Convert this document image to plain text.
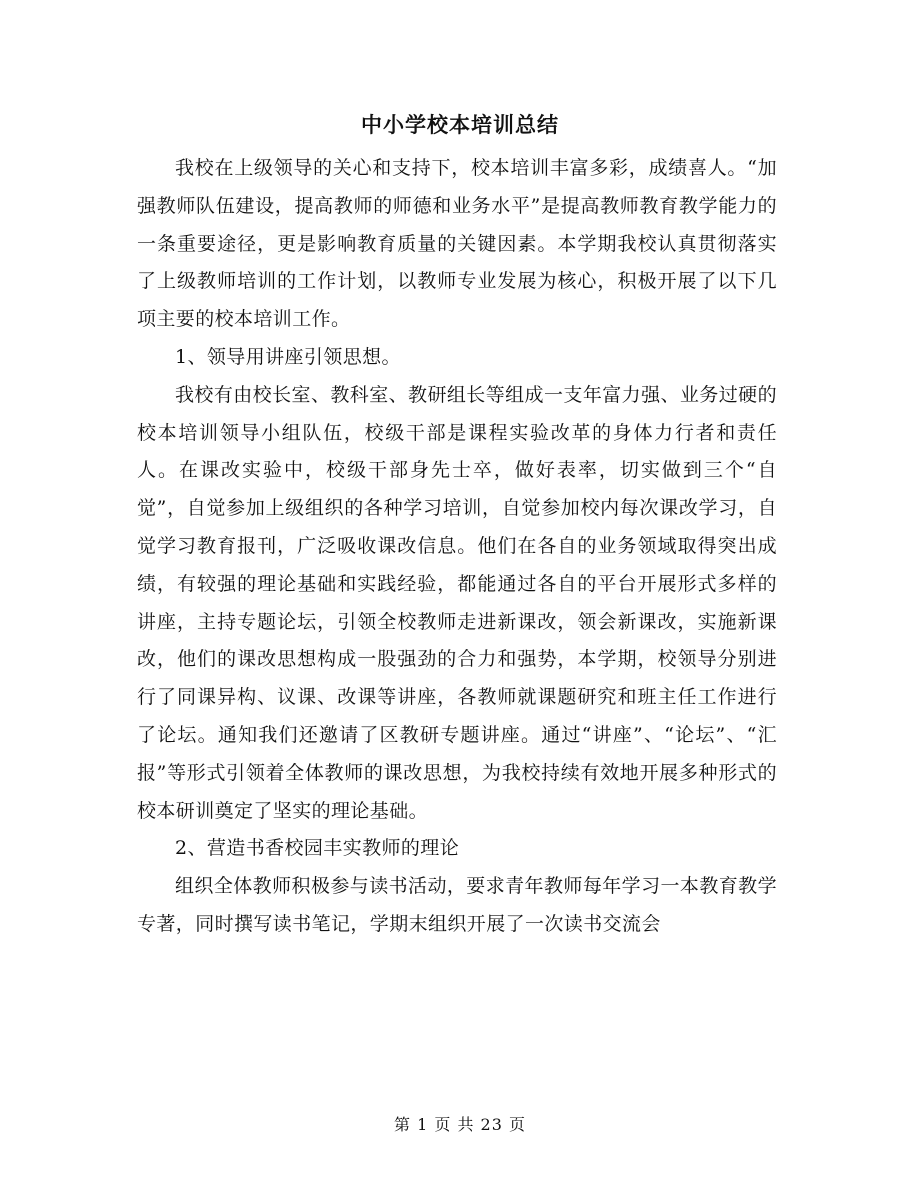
中小学校本培训总结

我校在上级领导的关心和支持下，校本培训丰富多彩，成绩喜人。“加强教师队伍建设，提高教师的师德和业务水平”是提高教师教育教学能力的一条重要途径，更是影响教育质量的关键因素。本学期我校认真贯彻落实了上级教师培训的工作计划，以教师专业发展为核心，积极开展了以下几项主要的校本培训工作。

1、领导用讲座引领思想。

我校有由校长室、教科室、教研组长等组成一支年富力强、业务过硬的校本培训领导小组队伍，校级干部是课程实验改革的身体力行者和责任人。在课改实验中，校级干部身先士卒，做好表率，切实做到三个“自觉”，自觉参加上级组织的各种学习培训，自觉参加校内每次课改学习，自觉学习教育报刊，广泛吸收课改信息。他们在各自的业务领域取得突出成绩，有较强的理论基础和实践经验，都能通过各自的平台开展形式多样的讲座，主持专题论坛，引领全校教师走进新课改，领会新课改，实施新课改，他们的课改思想构成一股强劲的合力和强势，本学期，校领导分别进行了同课异构、议课、改课等讲座，各教师就课题研究和班主任工作进行了论坛。通知我们还邀请了区教研专题讲座。通过“讲座”、“论坛”、“汇报”等形式引领着全体教师的课改思想，为我校持续有效地开展多种形式的校本研训奠定了坚实的理论基础。

2、营造书香校园丰实教师的理论

组织全体教师积极参与读书活动，要求青年教师每年学习一本教育教学专著，同时撰写读书笔记，学期末组织开展了一次读书交流会

第 1 页 共 23 页
